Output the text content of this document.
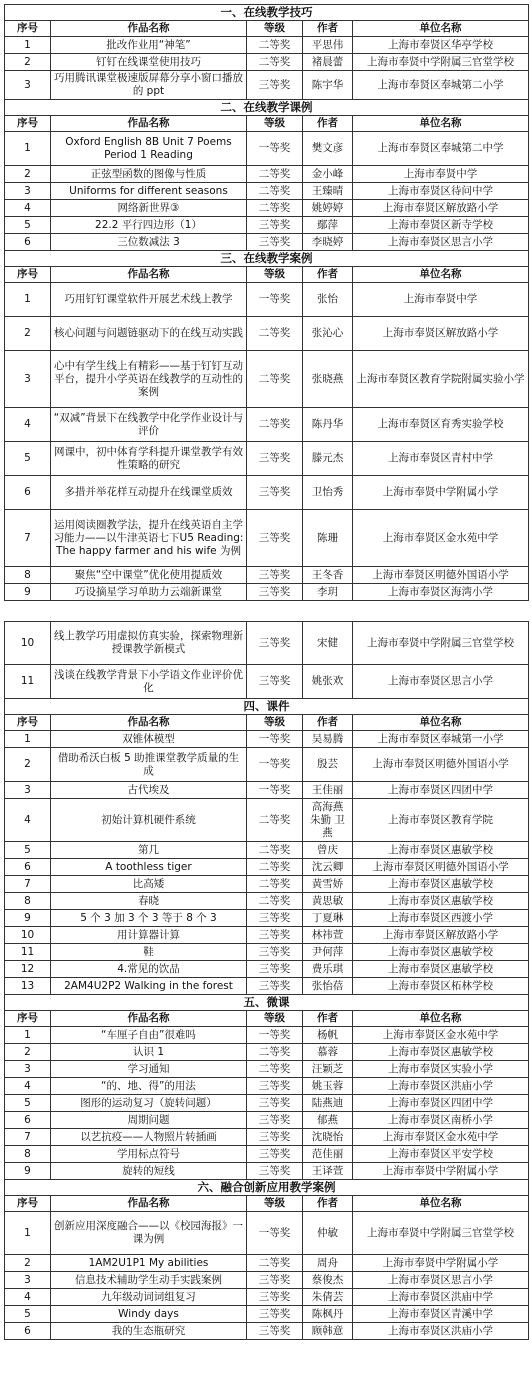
一、在线教学技巧				
序号	作品名称	等级	作者	单位名称
1	批改作业用“神笔”	二等奖	平思伟	上海市奉贤区华亭学校
2	钉钉在线课堂使用技巧	二等奖	褚晨蕾	上海市奉贤中学附属三官堂学校
3	巧用腾讯课堂极速版屏幕分享小窗口播放的 ppt	三等奖	陈宇华	上海市奉贤区奉城第二小学
二、在线教学课例				
序号	作品名称	等级	作者	单位名称
1	Oxford English 8B Unit 7 Poems Period 1 Reading	一等奖	樊文彦	上海市奉贤区奉城第二中学
2	正弦型函数的图像与性质	二等奖	金小峰	上海市奉贤中学
3	Uniforms for different seasons	二等奖	王臻晴	上海市奉贤区待问中学
4	网络新世界③	二等奖	姚婷婷	上海市奉贤区解放路小学
5	22.2 平行四边形（1）	三等奖	鄢萍	上海市奉贤区新寺学校
6	三位数减法 3	三等奖	李晓婷	上海市奉贤区思言小学
三、在线教学案例				
序号	作品名称	等级	作者	单位名称
1	巧用钉钉课堂软件开展艺术线上教学	一等奖	张怡	上海市奉贤中学
2	核心问题与问题链驱动下的在线互动实践	二等奖	张沁心	上海市奉贤区解放路小学
3	心中有学生线上有精彩——基于钉钉互动平台，提升小学英语在线教学的互动性的案例	二等奖	张晓燕	上海市奉贤区教育学院附属实验小学
4	“双减”背景下在线教学中化学作业设计与评价	二等奖	陈丹华	上海市奉贤区育秀实验学校
5	网课中，初中体育学科提升课堂教学有效性策略的研究	三等奖	滕元杰	上海市奉贤区青村中学
6	多措并举花样互动提升在线课堂质效	三等奖	卫怡秀	上海市奉贤中学附属小学
7	运用阅读圈教学法，提升在线英语自主学习能力——以牛津英语七下U5 Reading: The happy farmer and his wife 为例	三等奖	陈珊	上海市奉贤区金水苑中学
8	聚焦“空中课堂”优化使用提质效	三等奖	王冬香	上海市奉贤区明德外国语小学
9	巧设摘星学习单助力云端新课堂	三等奖	李玥	上海市奉贤区海湾小学
10	线上教学巧用虚拟仿真实验，探索物理新授课教学新模式	三等奖	宋健	上海市奉贤中学附属三官堂学校
11	浅谈在线教学背景下小学语文作业评价优化	三等奖	姚张欢	上海市奉贤区思言小学
四、课件				
序号	作品名称	等级	作者	单位名称
1	双锥体模型	一等奖	吴易腾	上海市奉贤区奉城第一小学
2	借助希沃白板 5 助推课堂教学质量的生成	一等奖	殷芸	上海市奉贤区明德外国语小学
3	古代埃及	一等奖	王佳丽	上海市奉贤区四团中学
4	初始计算机硬件系统	二等奖	高海燕 朱勤 卫燕	上海市奉贤区教育学院
5	第几	二等奖	曾庆	上海市奉贤区惠敏学校
6	A toothless tiger	二等奖	沈云卿	上海市奉贤区明德外国语小学
7	比高矮	二等奖	黄雪娇	上海市奉贤区惠敏学校
8	春晓	二等奖	黄思敏	上海市奉贤区惠敏学校
9	5 个 3 加 3 个 3 等于 8 个 3	三等奖	丁夏琳	上海市奉贤区西渡小学
10	用计算器计算	三等奖	林祎萱	上海市奉贤区解放路小学
11	鞋	三等奖	尹何萍	上海市奉贤区惠敏学校
12	4.常见的饮品	三等奖	费乐琪	上海市奉贤区惠敏学校
13	2AM4U2P2 Walking in the forest	三等奖	张怡蓓	上海市奉贤区柘林学校
五、微课				
序号	作品名称	等级	作者	单位名称
1	“车厘子自由”很难吗	一等奖	杨帆	上海市奉贤区金水苑中学
2	认识 1	二等奖	慕蓉	上海市奉贤区惠敏学校
3	学习通知	二等奖	汪颖芝	上海市奉贤区实验小学
4	“的、地、得”的用法	三等奖	姚玉蓉	上海市奉贤区洪庙小学
5	图形的运动复习（旋转问题）	三等奖	陆燕迪	上海市奉贤区四团中学
6	周期问题	三等奖	郁燕	上海市奉贤区南桥小学
7	以艺抗疫——人物照片转插画	三等奖	沈晓怡	上海市奉贤区金水苑中学
8	学用标点符号	三等奖	范佳丽	上海市奉贤区平安学校
9	旋转的短线	三等奖	王译萱	上海市奉贤中学附属小学
六、融合创新应用教学案例				
序号	作品名称	等级	作者	单位名称
1	创新应用深度融合——以《校园海报》一课为例	一等奖	仲敏	上海市奉贤中学附属三官堂学校
2	1AM2U1P1 My abilities	二等奖	周舟	上海市奉贤中学附属小学
3	信息技术辅助学生动手实践案例	三等奖	蔡俊杰	上海市奉贤区思言小学
4	九年级动词词组复习	三等奖	朱倩芸	上海市奉贤区洪庙中学
5	Windy days	三等奖	陈枫丹	上海市奉贤区青溪中学
6	我的生态瓶研究	三等奖	顾韩意	上海市奉贤区洪庙小学
